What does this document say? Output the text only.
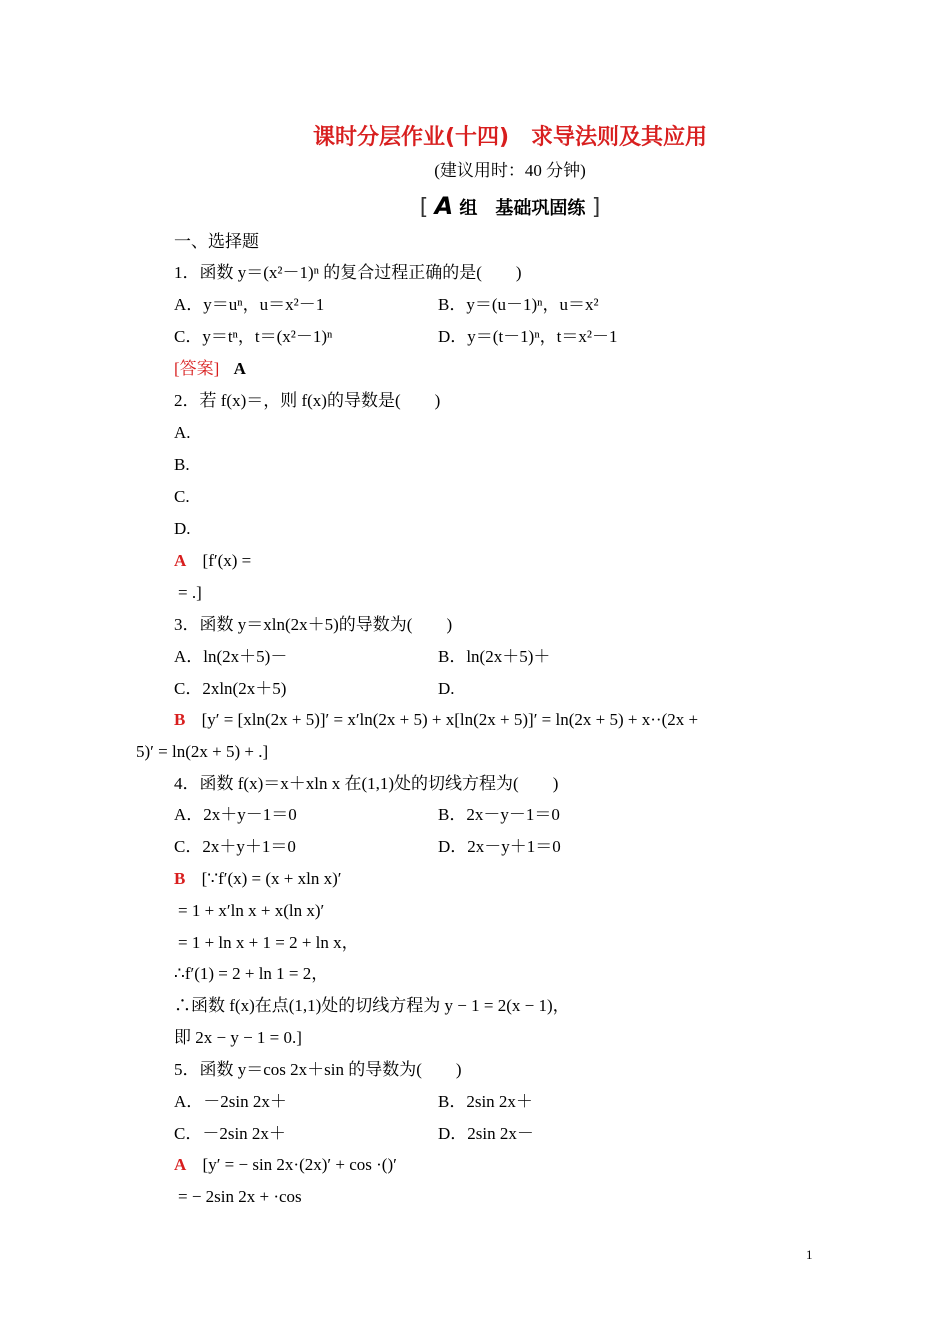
课时分层作业(十四)　求导法则及其应用
(建议用时：40 分钟)
[ A 组　基础巩固练 ]
一、选择题
1．函数 y＝(x²－1)ⁿ 的复合过程正确的是(　　)
A．y＝uⁿ，u＝x²－1	B．y＝(u－1)ⁿ，u＝x²
C．y＝tⁿ，t＝(x²－1)ⁿ	D．y＝(t－1)ⁿ，t＝x²－1
[答案] A
2．若 f(x)＝，则 f(x)的导数是(　　)
A.
B.
C.
D.
A [f′(x) =
= .]
3．函数 y＝xln(2x＋5)的导数为(　　)
A．ln(2x＋5)－	B．ln(2x＋5)＋
C．2xln(2x＋5)	D.
B [y′ = [xln(2x + 5)]′ = x′ln(2x + 5) + x[ln(2x + 5)]′ = ln(2x + 5) + x··(2x +
5)′ = ln(2x + 5) + .]
4．函数 f(x)＝x＋xln x 在(1,1)处的切线方程为(　　)
A．2x＋y－1＝0	B．2x－y－1＝0
C．2x＋y＋1＝0	D．2x－y＋1＝0
B [∵f′(x) = (x + xln x)′
= 1 + x′ln x + x(ln x)′
= 1 + ln x + 1 = 2 + ln x，
∴f′(1) = 2 + ln 1 = 2，
∴函数 f(x)在点(1,1)处的切线方程为 y − 1 = 2(x − 1)，
即 2x − y − 1 = 0.]
5．函数 y＝cos 2x＋sin 的导数为(　　)
A．－2sin 2x＋	B．2sin 2x＋
C．－2sin 2x＋	D．2sin 2x－
A [y′ = − sin 2x·(2x)′ + cos ·()′
= − 2sin 2x + ·cos
1
